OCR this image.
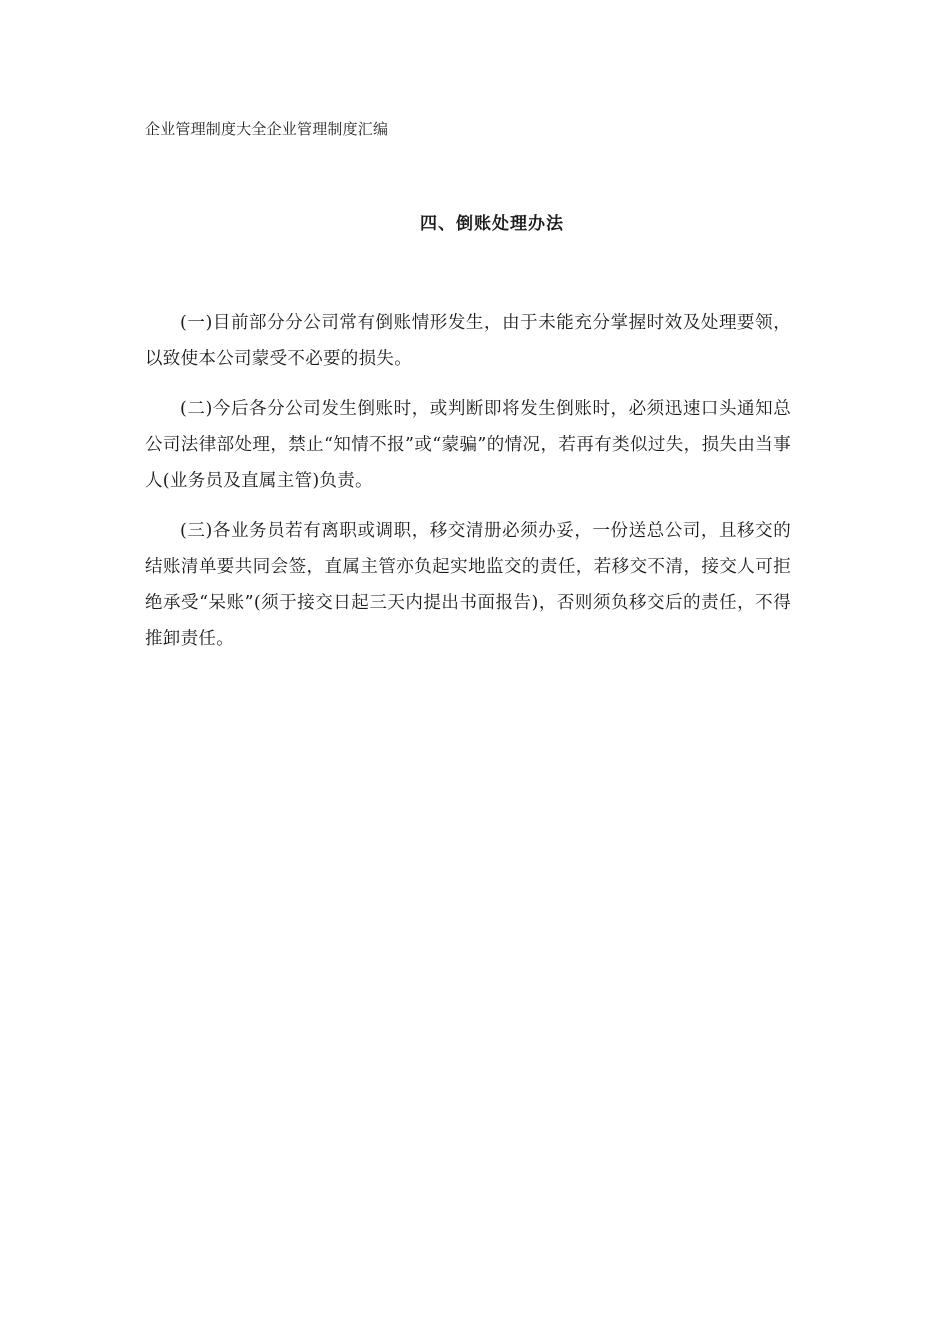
企业管理制度大全企业管理制度汇编
四、倒账处理办法

(一)目前部分分公司常有倒账情形发生，由于未能充分掌握时效及处理要领，以致使本公司蒙受不必要的损失。

(二)今后各分公司发生倒账时，或判断即将发生倒账时，必须迅速口头通知总公司法律部处理，禁止“知情不报”或“蒙骗”的情况，若再有类似过失，损失由当事人(业务员及直属主管)负责。

(三)各业务员若有离职或调职，移交清册必须办妥，一份送总公司，且移交的结账清单要共同会签，直属主管亦负起实地监交的责任，若移交不清，接交人可拒绝承受“呆账”(须于接交日起三天内提出书面报告)，否则须负移交后的责任，不得推卸责任。
